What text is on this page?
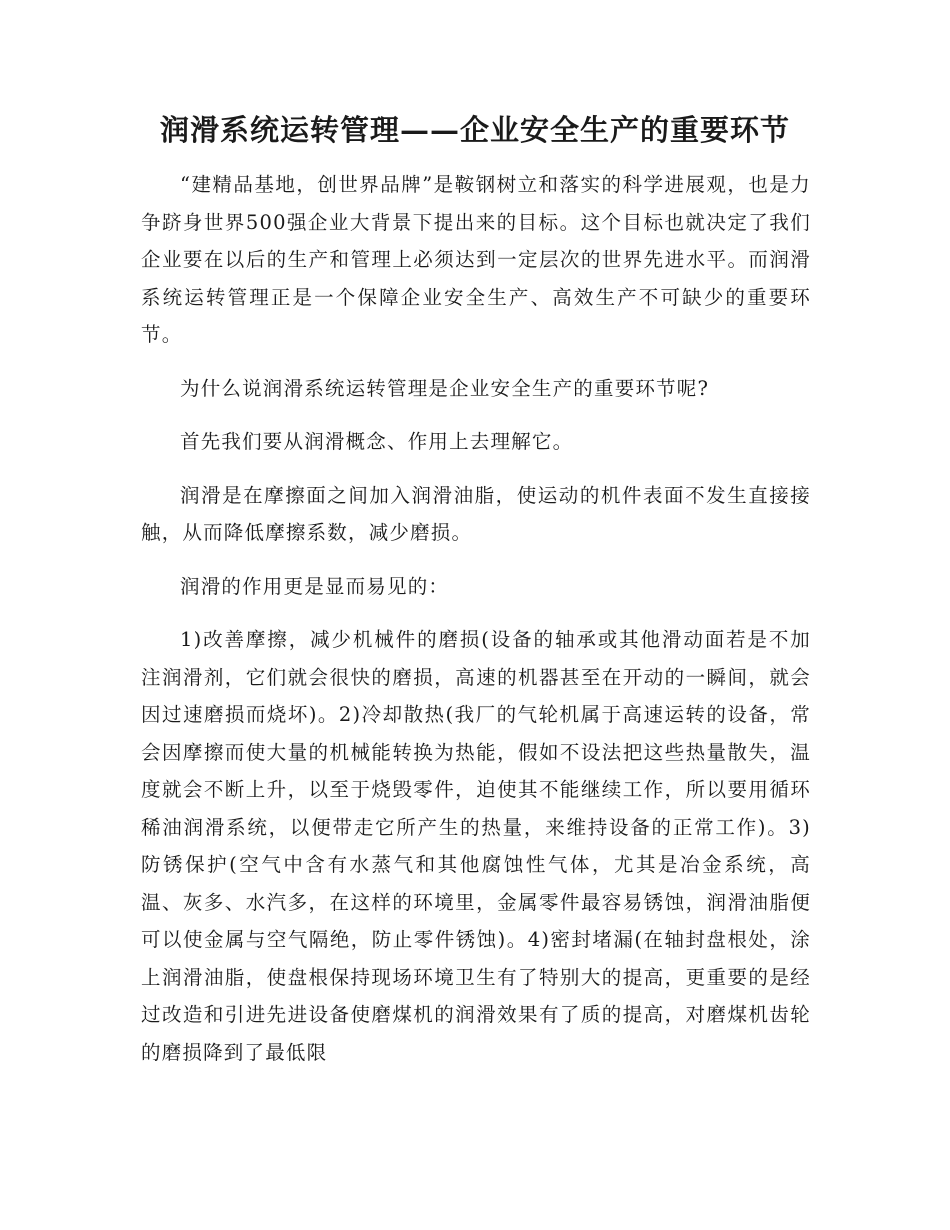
润滑系统运转管理——企业安全生产的重要环节

“建精品基地，创世界品牌”是鞍钢树立和落实的科学进展观，也是力争跻身世界500强企业大背景下提出来的目标。这个目标也就决定了我们企业要在以后的生产和管理上必须达到一定层次的世界先进水平。而润滑系统运转管理正是一个保障企业安全生产、高效生产不可缺少的重要环节。

为什么说润滑系统运转管理是企业安全生产的重要环节呢?

首先我们要从润滑概念、作用上去理解它。

润滑是在摩擦面之间加入润滑油脂，使运动的机件表面不发生直接接触，从而降低摩擦系数，减少磨损。

润滑的作用更是显而易见的：

1)改善摩擦，减少机械件的磨损(设备的轴承或其他滑动面若是不加注润滑剂，它们就会很快的磨损，高速的机器甚至在开动的一瞬间，就会因过速磨损而烧坏)。2)冷却散热(我厂的气轮机属于高速运转的设备，常会因摩擦而使大量的机械能转换为热能，假如不设法把这些热量散失，温度就会不断上升，以至于烧毁零件，迫使其不能继续工作，所以要用循环稀油润滑系统，以便带走它所产生的热量，来维持设备的正常工作)。3)防锈保护(空气中含有水蒸气和其他腐蚀性气体，尤其是冶金系统，高温、灰多、水汽多，在这样的环境里，金属零件最容易锈蚀，润滑油脂便可以使金属与空气隔绝，防止零件锈蚀)。4)密封堵漏(在轴封盘根处，涂上润滑油脂，使盘根保持现场环境卫生有了特别大的提高，更重要的是经过改造和引进先进设备使磨煤机的润滑效果有了质的提高，对磨煤机齿轮的磨损降到了最低限
